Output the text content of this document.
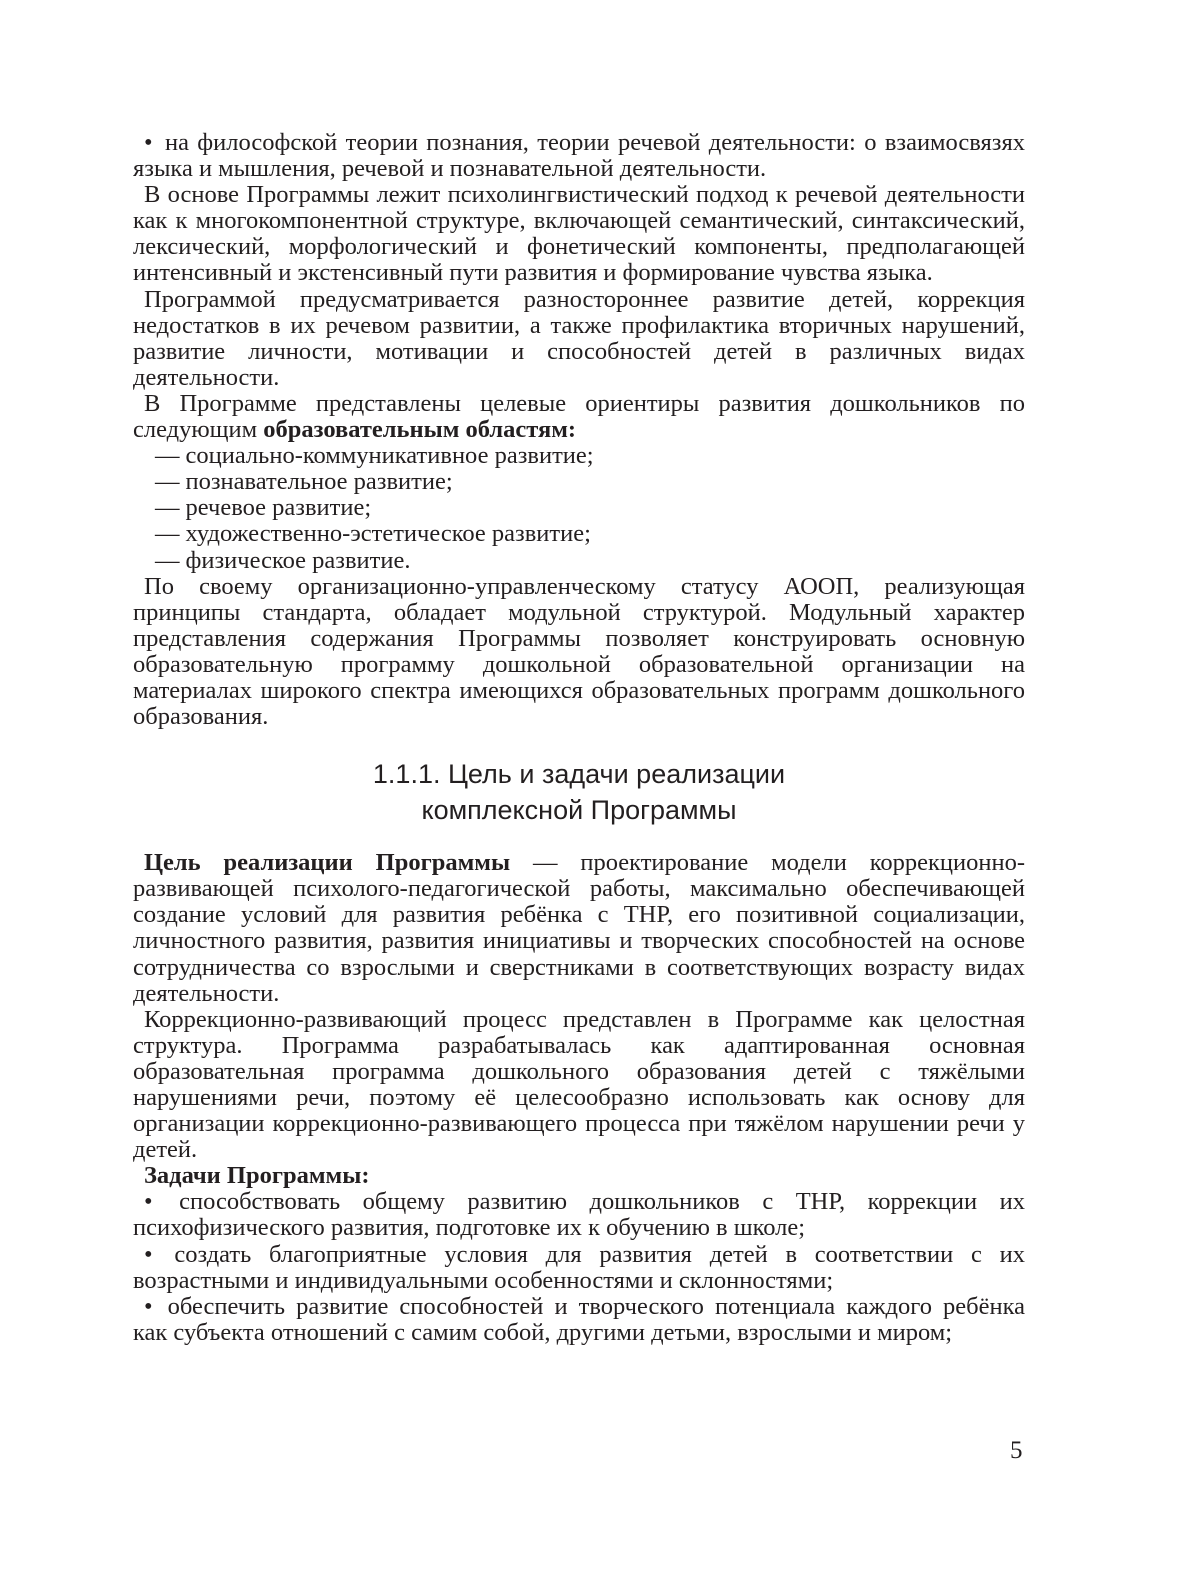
• на философской теории познания, теории речевой деятельности: о взаимосвязях языка и мышления, речевой и познавательной деятельности.

В основе Программы лежит психолингвистический подход к речевой деятельности как к многокомпонентной структуре, включающей семантический, синтаксический, лексический, морфологический и фонетический компоненты, предполагающей интенсивный и экстенсивный пути развития и формирование чувства языка.

Программой предусматривается разностороннее развитие детей, коррекция недостатков в их речевом развитии, а также профилактика вторичных нарушений, развитие личности, мотивации и способностей детей в различных видах деятельности.

В Программе представлены целевые ориентиры развития дошкольников по следующим образовательным областям:

— социально-коммуникативное развитие;

— познавательное развитие;

— речевое развитие;

— художественно-эстетическое развитие;

— физическое развитие.

По своему организационно-управленческому статусу АООП, реализующая принципы стандарта, обладает модульной структурой. Модульный характер представления содержания Программы позволяет конструировать основную образовательную программу дошкольной образовательной организации на материалах широкого спектра имеющихся образовательных программ дошкольного образования.

1.1.1. Цель и задачи реализации
комплексной Программы

Цель реализации Программы — проектирование модели коррекционно-развивающей психолого-педагогической работы, максимально обеспечивающей создание условий для развития ребёнка с ТНР, его позитивной социализации, личностного развития, развития инициативы и творческих способностей на основе сотрудничества со взрослыми и сверстниками в соответствующих возрасту видах деятельности.

Коррекционно-развивающий процесс представлен в Программе как целостная структура. Программа разрабатывалась как адаптированная основная образовательная программа дошкольного образования детей с тяжёлыми нарушениями речи, поэтому её целесообразно использовать как основу для организации коррекционно-развивающего процесса при тяжёлом нарушении речи у детей.

Задачи Программы:

• способствовать общему развитию дошкольников с ТНР, коррекции их психофизического развития, подготовке их к обучению в школе;

• создать благоприятные условия для развития детей в соответствии с их возрастными и индивидуальными особенностями и склонностями;

• обеспечить развитие способностей и творческого потенциала каждого ребёнка как субъекта отношений с самим собой, другими детьми, взрослыми и миром;

5
